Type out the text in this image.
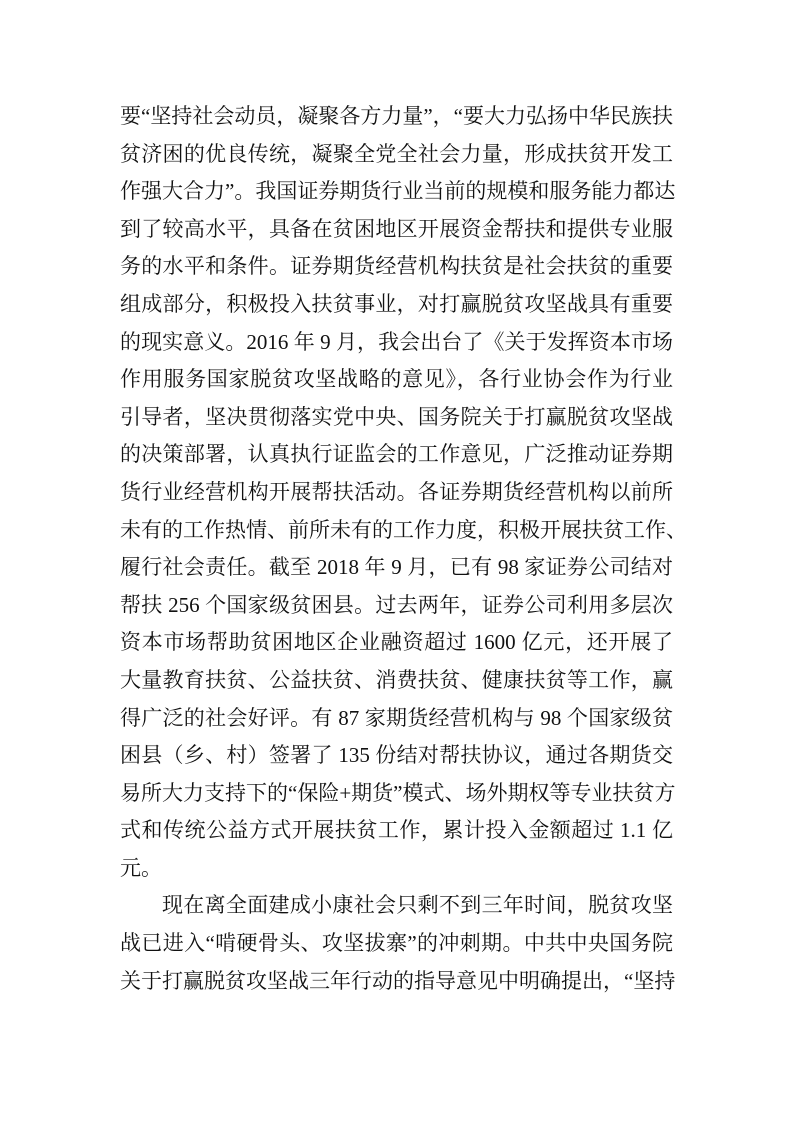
要“坚持社会动员，凝聚各方力量”，“要大力弘扬中华民族扶
贫济困的优良传统，凝聚全党全社会力量，形成扶贫开发工
作强大合力”。我国证券期货行业当前的规模和服务能力都达
到了较高水平，具备在贫困地区开展资金帮扶和提供专业服
务的水平和条件。证券期货经营机构扶贫是社会扶贫的重要
组成部分，积极投入扶贫事业，对打赢脱贫攻坚战具有重要
的现实意义。2016 年 9 月，我会出台了《关于发挥资本市场
作用服务国家脱贫攻坚战略的意见》，各行业协会作为行业
引导者，坚决贯彻落实党中央、国务院关于打赢脱贫攻坚战
的决策部署，认真执行证监会的工作意见，广泛推动证券期
货行业经营机构开展帮扶活动。各证券期货经营机构以前所
未有的工作热情、前所未有的工作力度，积极开展扶贫工作、
履行社会责任。截至 2018 年 9 月，已有 98 家证券公司结对
帮扶 256 个国家级贫困县。过去两年，证券公司利用多层次
资本市场帮助贫困地区企业融资超过 1600 亿元，还开展了
大量教育扶贫、公益扶贫、消费扶贫、健康扶贫等工作，赢
得广泛的社会好评。有 87 家期货经营机构与 98 个国家级贫
困县（乡、村）签署了 135 份结对帮扶协议，通过各期货交
易所大力支持下的“保险+期货”模式、场外期权等专业扶贫方
式和传统公益方式开展扶贫工作，累计投入金额超过 1.1 亿
元。
现在离全面建成小康社会只剩不到三年时间，脱贫攻坚
战已进入“啃硬骨头、攻坚拔寨”的冲刺期。中共中央国务院
关于打赢脱贫攻坚战三年行动的指导意见中明确提出，“坚持
